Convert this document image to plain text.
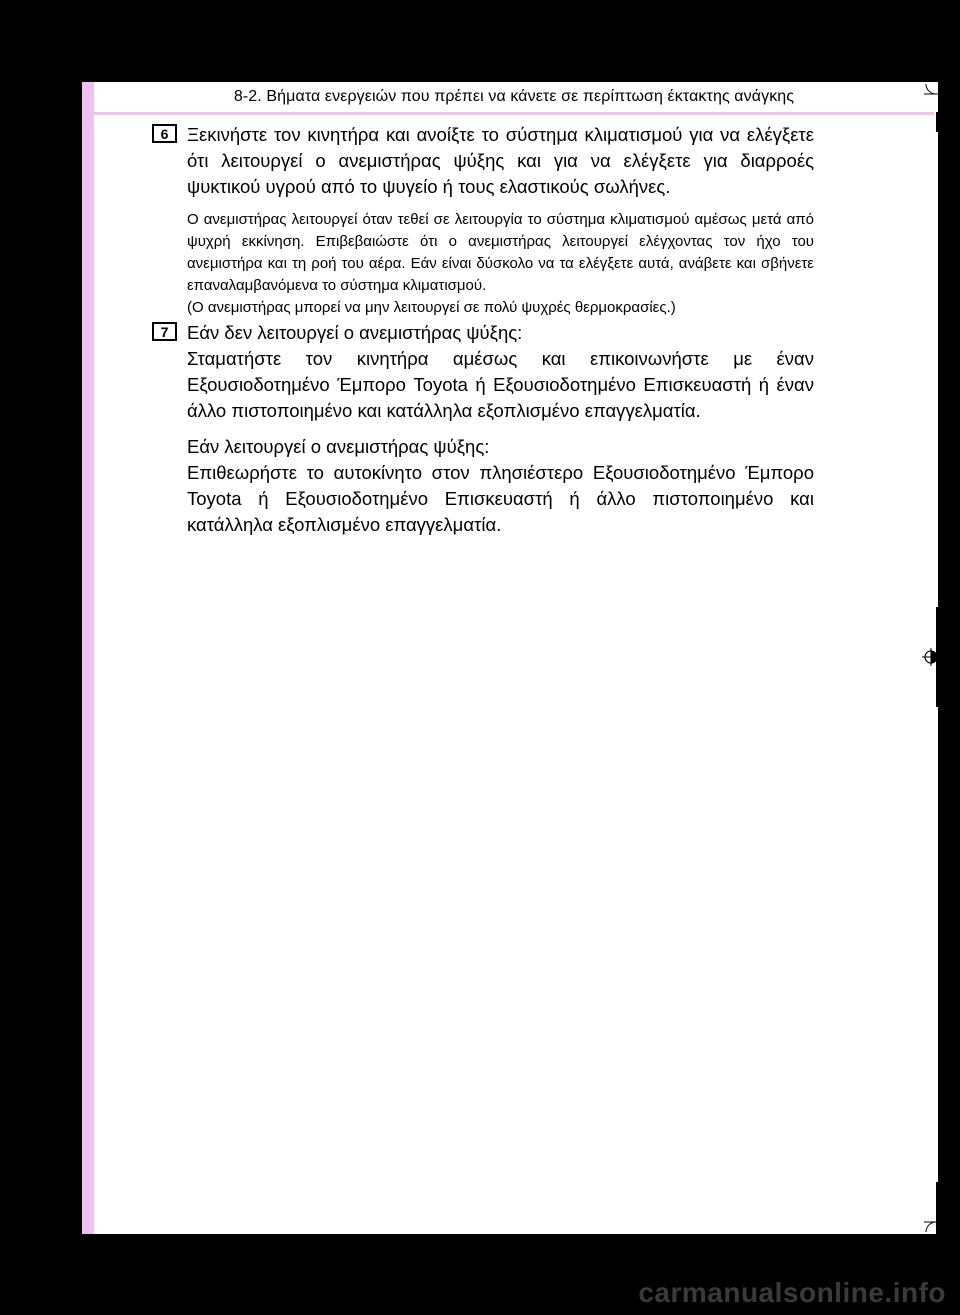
8-2. Βήματα ενεργειών που πρέπει να κάνετε σε περίπτωση έκτακτης ανάγκης
6	Ξεκινήστε τον κινητήρα και ανοίξτε το σύστημα κλιματισμού για να ελέγξετε ότι λειτουργεί ο ανεμιστήρας ψύξης και για να ελέγξετε για διαρροές ψυκτικού υγρού από το ψυγείο ή τους ελαστικούς σωλήνες.

Ο ανεμιστήρας λειτουργεί όταν τεθεί σε λειτουργία το σύστημα κλιματισμού αμέσως μετά από ψυχρή εκκίνηση. Επιβεβαιώστε ότι ο ανεμιστήρας λειτουργεί ελέγχοντας τον ήχο του ανεμιστήρα και τη ροή του αέρα. Εάν είναι δύσκολο να τα ελέγξετε αυτά, ανάβετε και σβήνετε επαναλαμβανόμενα το σύστημα κλιματισμού.

(Ο ανεμιστήρας μπορεί να μην λειτουργεί σε πολύ ψυχρές θερμοκρασίες.)

7	Εάν δεν λειτουργεί ο ανεμιστήρας ψύξης:

Σταματήστε τον κινητήρα αμέσως και επικοινωνήστε με έναν Εξουσιοδοτημένο Έμπορο Toyota ή Εξουσιοδοτημένο Επισκευαστή ή έναν άλλο πιστοποιημένο και κατάλληλα εξοπλισμένο επαγγελματία.

Εάν λειτουργεί ο ανεμιστήρας ψύξης:

Επιθεωρήστε το αυτοκίνητο στον πλησιέστερο Εξουσιοδοτημένο Έμπορο Toyota ή Εξουσιοδοτημένο Επισκευαστή ή άλλο πιστοποιημένο και κατάλληλα εξοπλισμένο επαγγελματία.

carmanualsonline.info
